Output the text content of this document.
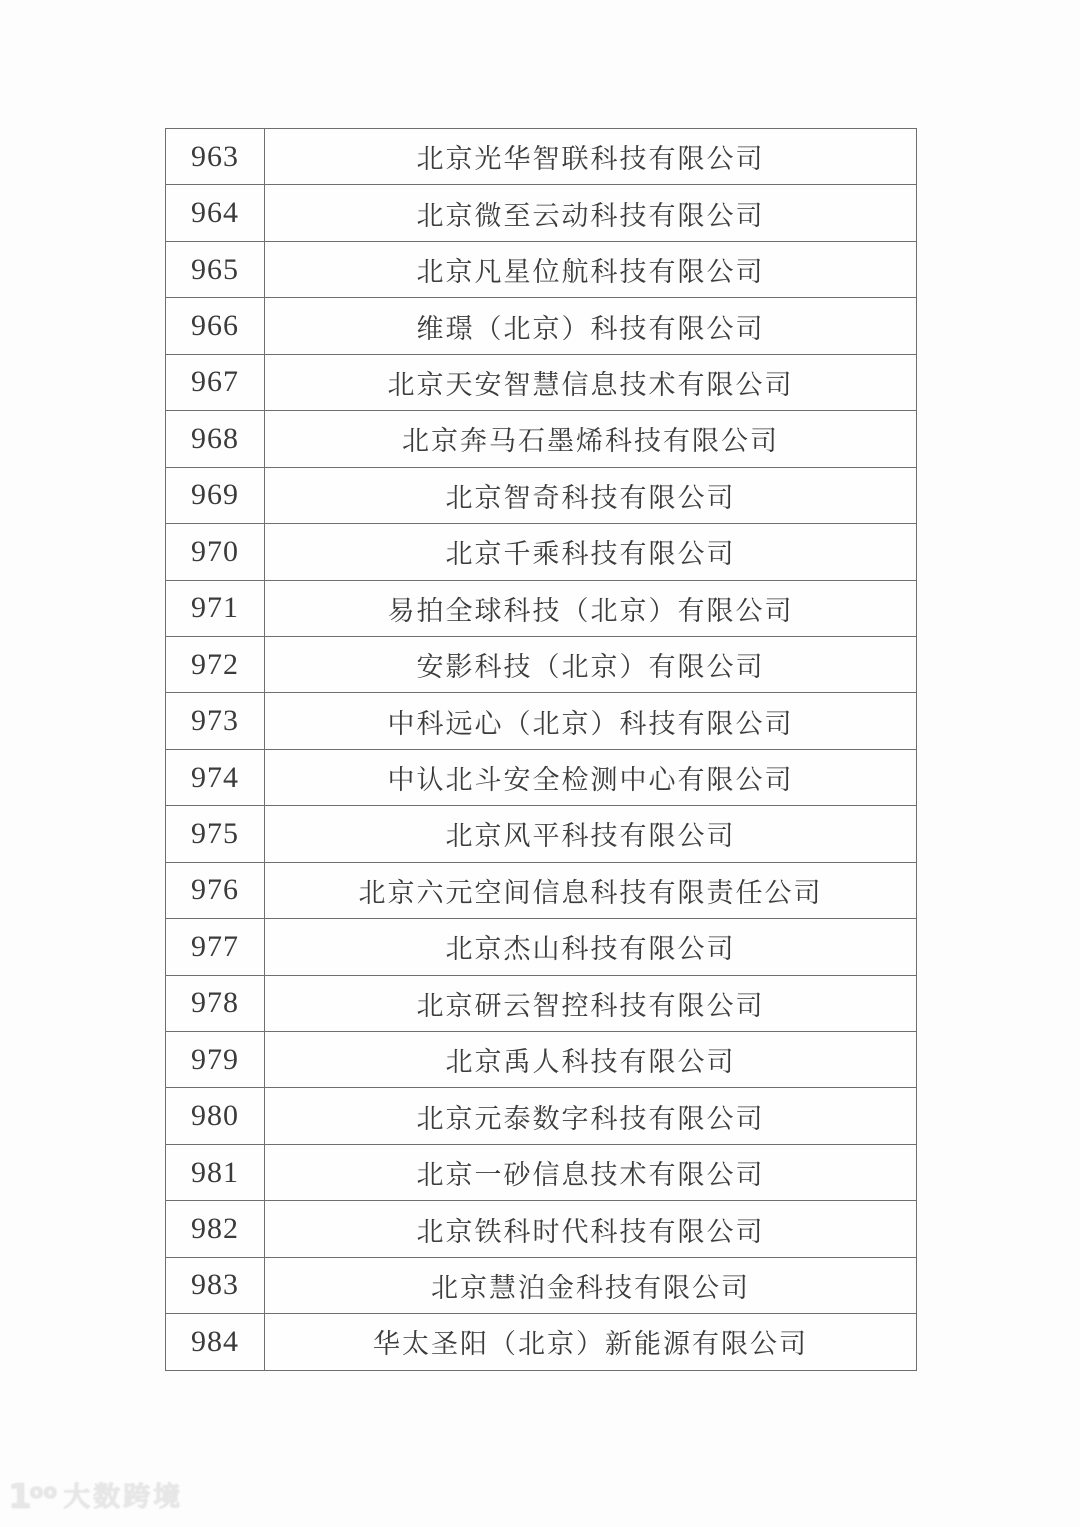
963	北京光华智联科技有限公司
964	北京微至云动科技有限公司
965	北京凡星位航科技有限公司
966	维璟（北京）科技有限公司
967	北京天安智慧信息技术有限公司
968	北京奔马石墨烯科技有限公司
969	北京智奇科技有限公司
970	北京千乘科技有限公司
971	易拍全球科技（北京）有限公司
972	安影科技（北京）有限公司
973	中科远心（北京）科技有限公司
974	中认北斗安全检测中心有限公司
975	北京风平科技有限公司
976	北京六元空间信息科技有限责任公司
977	北京杰山科技有限公司
978	北京研云智控科技有限公司
979	北京禹人科技有限公司
980	北京元泰数字科技有限公司
981	北京一砂信息技术有限公司
982	北京铁科时代科技有限公司
983	北京慧泊金科技有限公司
984	华太圣阳（北京）新能源有限公司
$1^{oo}$ 大数跨境
